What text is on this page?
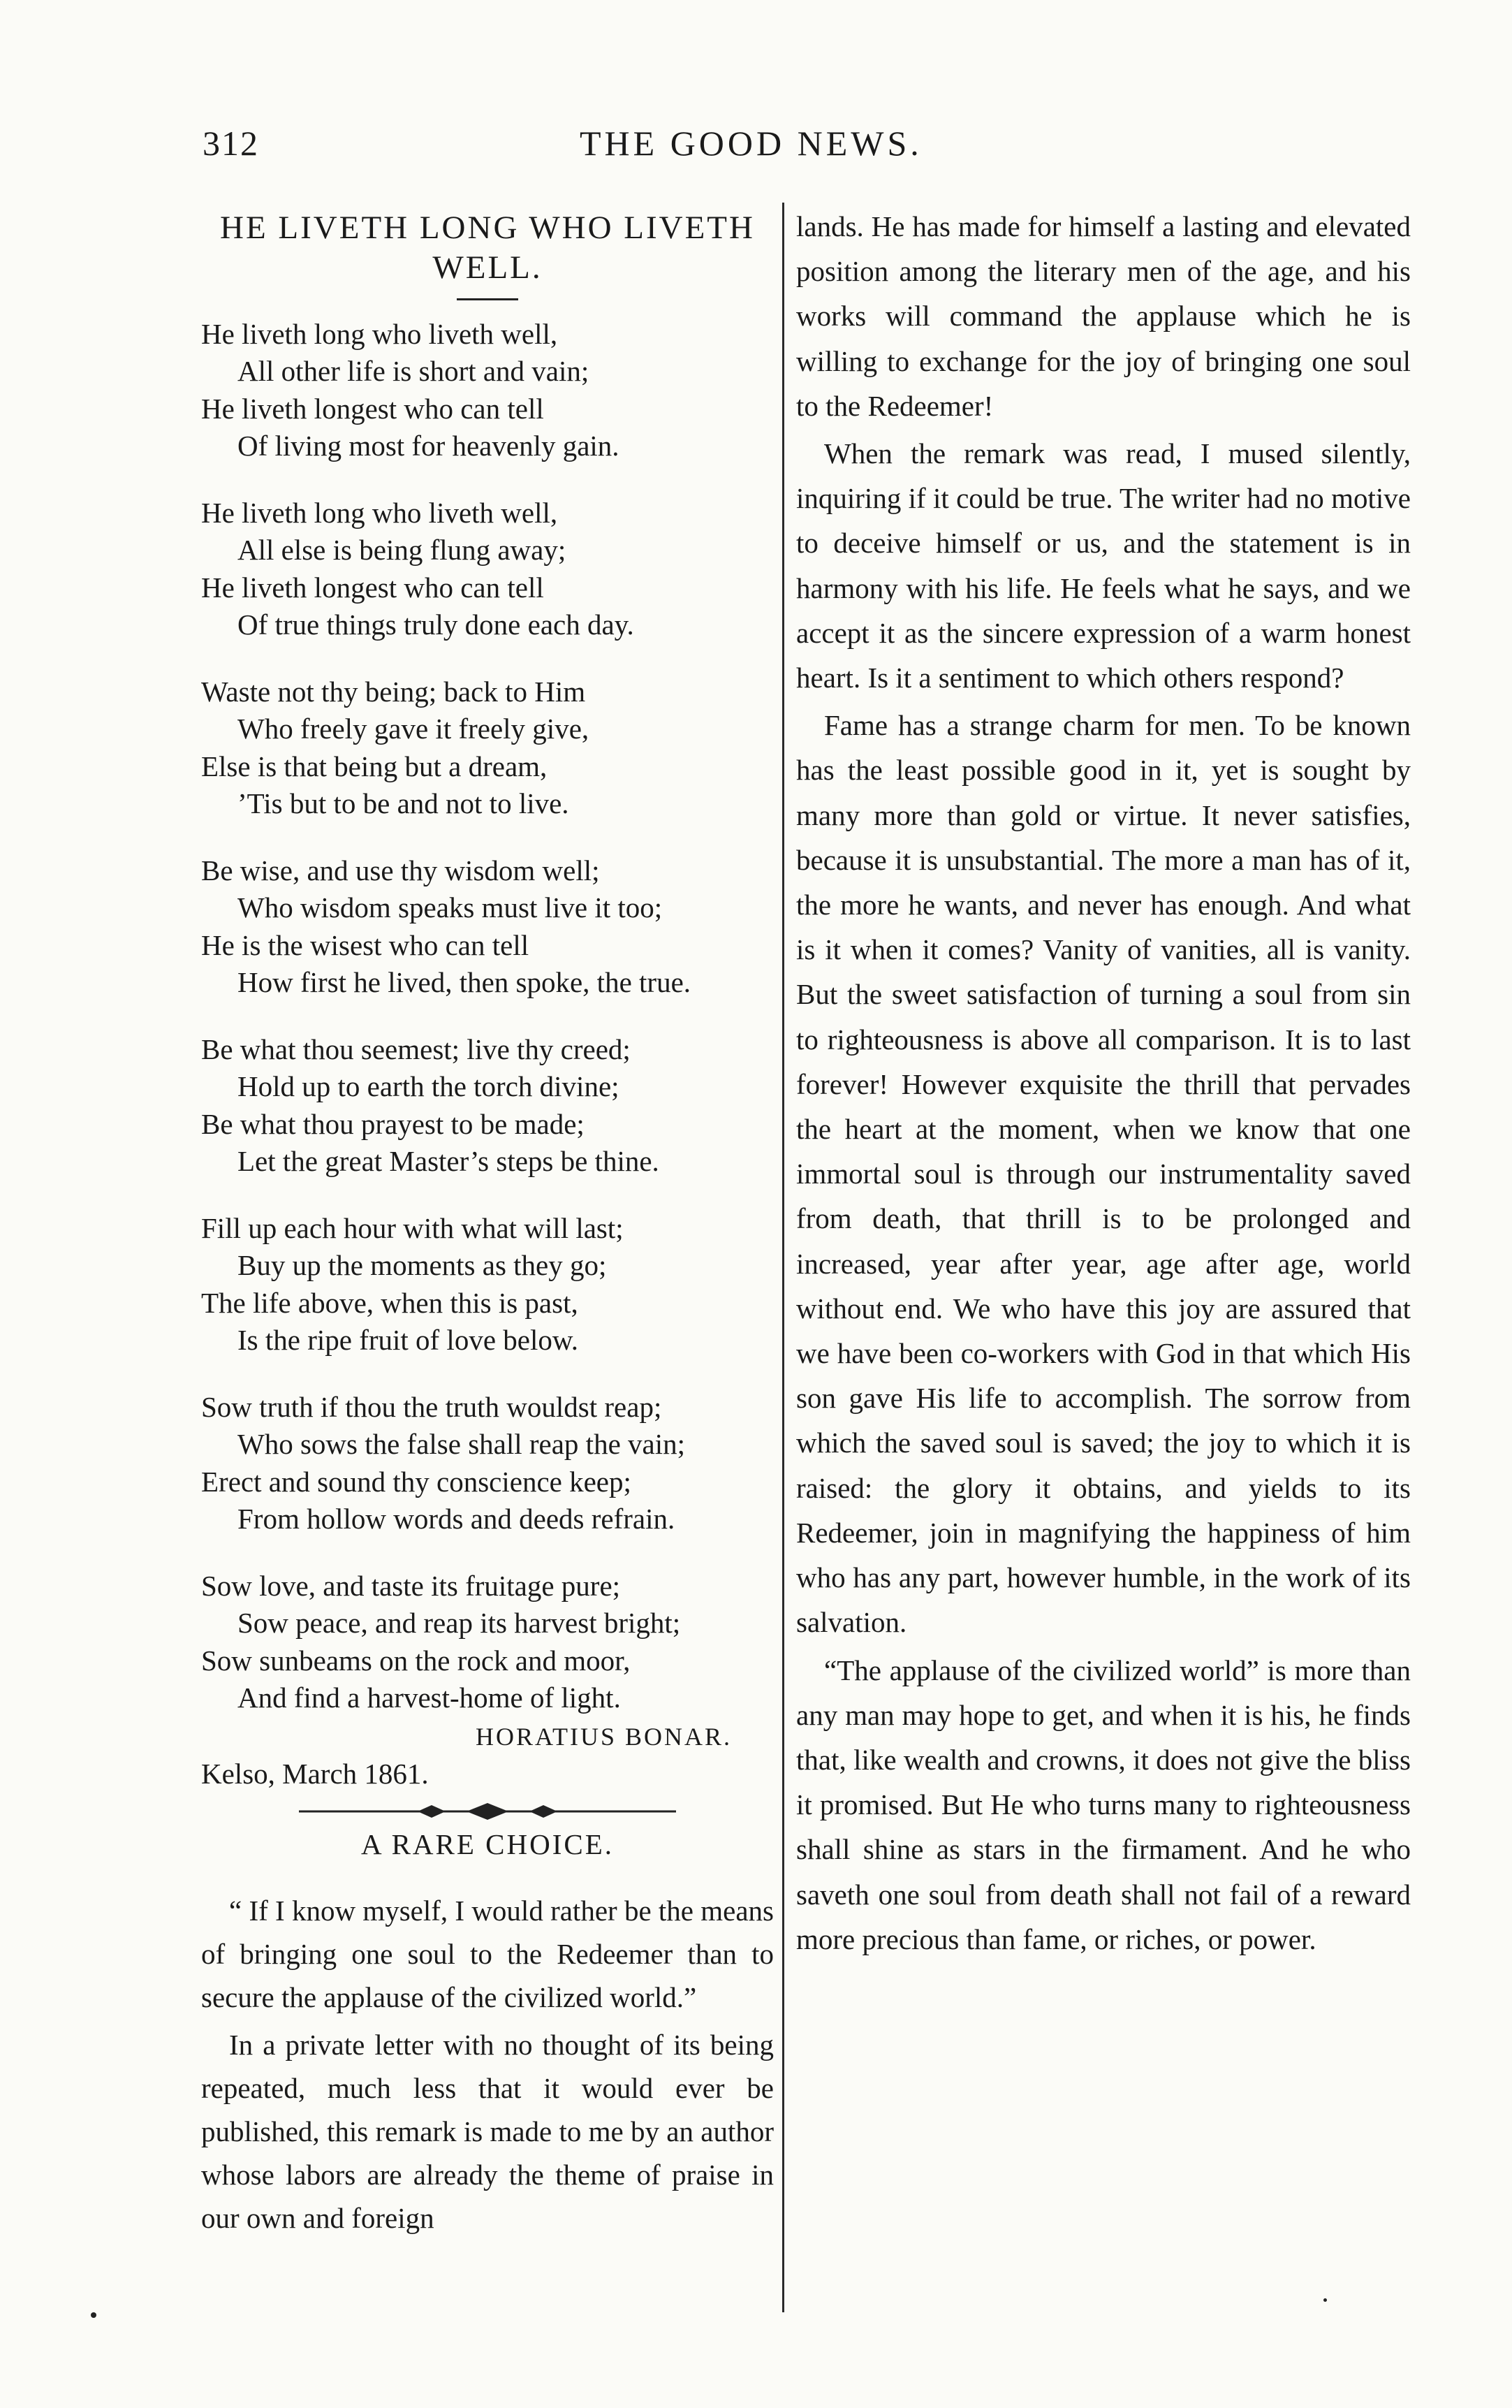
312	THE GOOD NEWS.
HE LIVETH LONG WHO LIVETH WELL.
He liveth long who liveth well,
All other life is short and vain;
He liveth longest who can tell
Of living most for heavenly gain.
He liveth long who liveth well,
All else is being flung away;
He liveth longest who can tell
Of true things truly done each day.
Waste not thy being; back to Him
Who freely gave it freely give,
Else is that being but a dream,
’Tis but to be and not to live.
Be wise, and use thy wisdom well;
Who wisdom speaks must live it too;
He is the wisest who can tell
How first he lived, then spoke, the true.
Be what thou seemest; live thy creed;
Hold up to earth the torch divine;
Be what thou prayest to be made;
Let the great Master’s steps be thine.
Fill up each hour with what will last;
Buy up the moments as they go;
The life above, when this is past,
Is the ripe fruit of love below.
Sow truth if thou the truth wouldst reap;
Who sows the false shall reap the vain;
Erect and sound thy conscience keep;
From hollow words and deeds refrain.
Sow love, and taste its fruitage pure;
Sow peace, and reap its harvest bright;
Sow sunbeams on the rock and moor,
And find a harvest-home of light.
HORATIUS BONAR.
Kelso, March 1861.
A RARE CHOICE.

“ If I know myself, I would rather be the means of bringing one soul to the Redeemer than to secure the applause of the civilized world.”

In a private letter with no thought of its being repeated, much less that it would ever be published, this remark is made to me by an author whose labors are already the theme of praise in our own and foreign

lands. He has made for himself a lasting and elevated position among the literary men of the age, and his works will command the applause which he is willing to exchange for the joy of bringing one soul to the Redeemer!

When the remark was read, I mused silently, inquiring if it could be true. The writer had no motive to deceive himself or us, and the statement is in harmony with his life. He feels what he says, and we accept it as the sincere expression of a warm honest heart. Is it a sentiment to which others respond?

Fame has a strange charm for men. To be known has the least possible good in it, yet is sought by many more than gold or virtue. It never satisfies, because it is unsubstantial. The more a man has of it, the more he wants, and never has enough. And what is it when it comes? Vanity of vanities, all is vanity. But the sweet satisfaction of turning a soul from sin to righteousness is above all comparison. It is to last forever! However exquisite the thrill that pervades the heart at the moment, when we know that one immortal soul is through our instrumentality saved from death, that thrill is to be prolonged and increased, year after year, age after age, world without end. We who have this joy are assured that we have been co-workers with God in that which His son gave His life to accomplish. The sorrow from which the saved soul is saved; the joy to which it is raised: the glory it obtains, and yields to its Redeemer, join in magnifying the happiness of him who has any part, however humble, in the work of its salvation.

“The applause of the civilized world” is more than any man may hope to get, and when it is his, he finds that, like wealth and crowns, it does not give the bliss it promised. But He who turns many to righteousness shall shine as stars in the firmament. And he who saveth one soul from death shall not fail of a reward more precious than fame, or riches, or power.
